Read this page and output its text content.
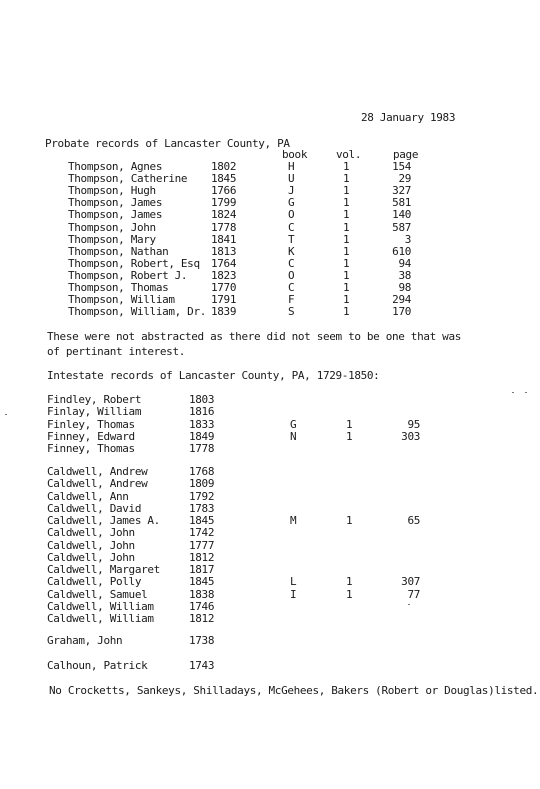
28 January 1983
Probate records of Lancaster County, PA
book	vol.	page
Thompson, Agnes	1802	H	1	154
Thompson, Catherine 1845	U	1	29
Thompson, Hugh	1766	J	1	327
Thompson, James	1799	G	1	581
Thompson, James	1824	O	1	140
Thompson, John	1778	C	1	587
Thompson, Mary	1841	T	1	3
Thompson, Nathan	1813	K	1	610
Thompson, Robert, Esq 1764	C	1	94
Thompson, Robert J. 1823	O	1	38
Thompson, Thomas	1770	C	1	98
Thompson, William	1791	F	1	294
Thompson, William, Dr. 1839	S	1	170
These were not abstracted as there did not seem to be one that was
of pertinant interest.
Intestate records of Lancaster County, PA, 1729-1850:
Findley, Robert	1803
Finlay, William	1816
Finley, Thomas	1833	G	1	95
Finney, Edward	1849	N	1	303
Finney, Thomas	1778
Caldwell, Andrew	1768
Caldwell, Andrew	1809
Caldwell, Ann	1792
Caldwell, David	1783
Caldwell, James A.	1845	M	1	65
Caldwell, John	1742
Caldwell, John	1777
Caldwell, John	1812
Caldwell, Margaret	1817
Caldwell, Polly	1845	L	1	307
Caldwell, Samuel	1838	I	1	77
Caldwell, William	1746
Caldwell, William	1812
Graham, John	1738
Calhoun, Patrick	1743
No Crocketts, Sankeys, Shilladays, McGehees, Bakers (Robert or Douglas)listed.
